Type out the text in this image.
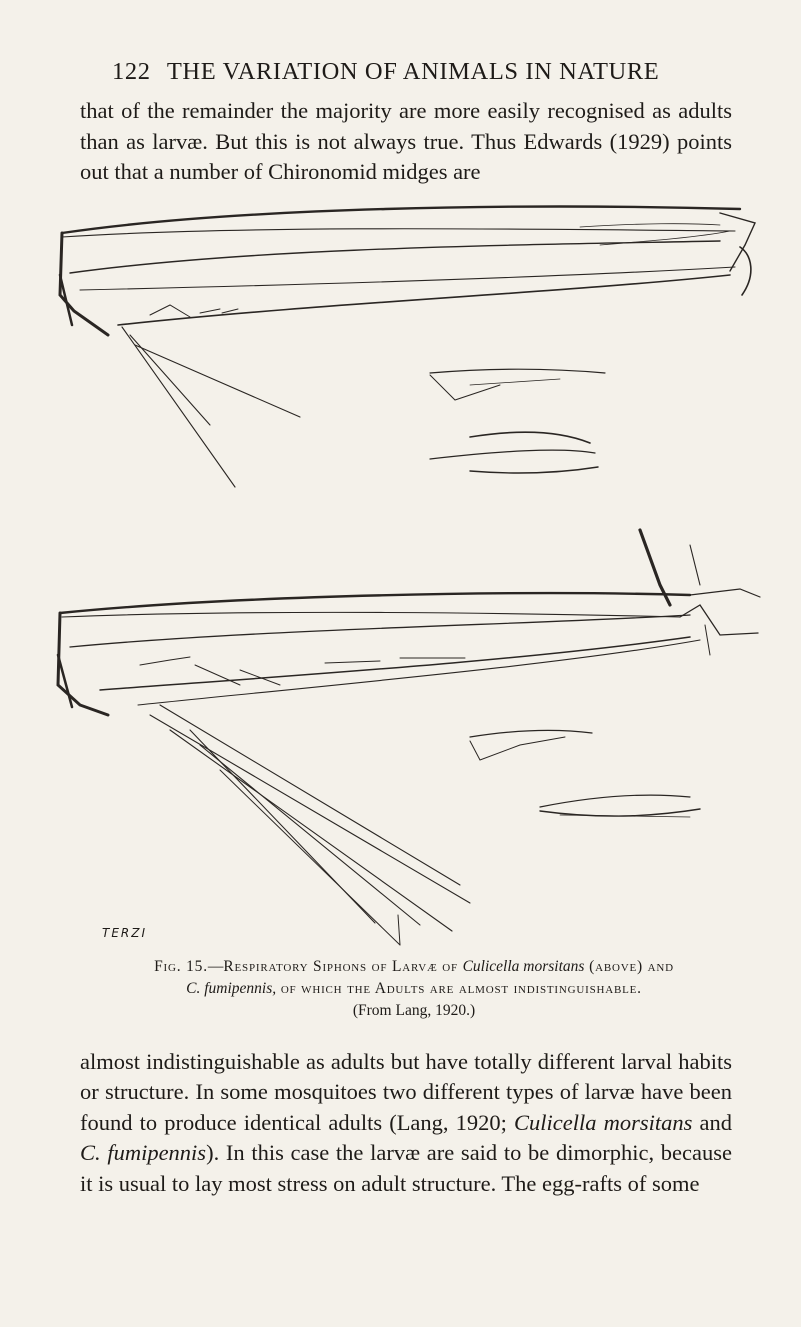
122 THE VARIATION OF ANIMALS IN NATURE

that of the remainder the majority are more easily recognised as adults than as larvæ. But this is not always true. Thus Edwards (1929) points out that a number of Chironomid midges are

TERZI
Fig. 15.—Respiratory Siphons of Larvæ of Culicella morsitans (above) and
C. fumipennis, of which the Adults are almost indistinguishable.
(From Lang, 1920.)

almost indistinguishable as adults but have totally different larval habits or structure. In some mosquitoes two different types of larvæ have been found to produce identical adults (Lang, 1920; Culicella morsitans and C. fumipennis). In this case the larvæ are said to be dimorphic, because it is usual to lay most stress on adult structure. The egg-rafts of some
